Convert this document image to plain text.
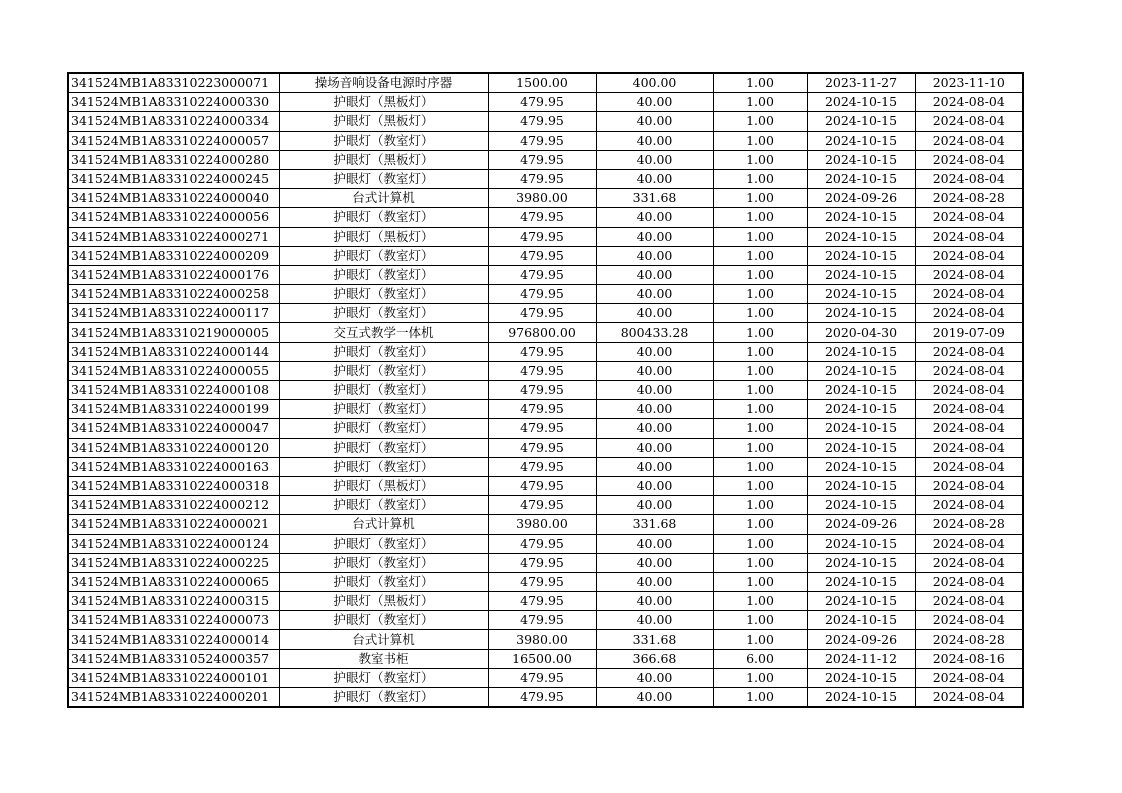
341524MB1A83310223000071	操场音响设备电源时序器	1500.00	400.00	1.00	2023-11-27	2023-11-10
341524MB1A83310224000330	护眼灯（黑板灯）	479.95	40.00	1.00	2024-10-15	2024-08-04
341524MB1A83310224000334	护眼灯（黑板灯）	479.95	40.00	1.00	2024-10-15	2024-08-04
341524MB1A83310224000057	护眼灯（教室灯）	479.95	40.00	1.00	2024-10-15	2024-08-04
341524MB1A83310224000280	护眼灯（黑板灯）	479.95	40.00	1.00	2024-10-15	2024-08-04
341524MB1A83310224000245	护眼灯（教室灯）	479.95	40.00	1.00	2024-10-15	2024-08-04
341524MB1A83310224000040	台式计算机	3980.00	331.68	1.00	2024-09-26	2024-08-28
341524MB1A83310224000056	护眼灯（教室灯）	479.95	40.00	1.00	2024-10-15	2024-08-04
341524MB1A83310224000271	护眼灯（黑板灯）	479.95	40.00	1.00	2024-10-15	2024-08-04
341524MB1A83310224000209	护眼灯（教室灯）	479.95	40.00	1.00	2024-10-15	2024-08-04
341524MB1A83310224000176	护眼灯（教室灯）	479.95	40.00	1.00	2024-10-15	2024-08-04
341524MB1A83310224000258	护眼灯（教室灯）	479.95	40.00	1.00	2024-10-15	2024-08-04
341524MB1A83310224000117	护眼灯（教室灯）	479.95	40.00	1.00	2024-10-15	2024-08-04
341524MB1A83310219000005	交互式教学一体机	976800.00	800433.28	1.00	2020-04-30	2019-07-09
341524MB1A83310224000144	护眼灯（教室灯）	479.95	40.00	1.00	2024-10-15	2024-08-04
341524MB1A83310224000055	护眼灯（教室灯）	479.95	40.00	1.00	2024-10-15	2024-08-04
341524MB1A83310224000108	护眼灯（教室灯）	479.95	40.00	1.00	2024-10-15	2024-08-04
341524MB1A83310224000199	护眼灯（教室灯）	479.95	40.00	1.00	2024-10-15	2024-08-04
341524MB1A83310224000047	护眼灯（教室灯）	479.95	40.00	1.00	2024-10-15	2024-08-04
341524MB1A83310224000120	护眼灯（教室灯）	479.95	40.00	1.00	2024-10-15	2024-08-04
341524MB1A83310224000163	护眼灯（教室灯）	479.95	40.00	1.00	2024-10-15	2024-08-04
341524MB1A83310224000318	护眼灯（黑板灯）	479.95	40.00	1.00	2024-10-15	2024-08-04
341524MB1A83310224000212	护眼灯（教室灯）	479.95	40.00	1.00	2024-10-15	2024-08-04
341524MB1A83310224000021	台式计算机	3980.00	331.68	1.00	2024-09-26	2024-08-28
341524MB1A83310224000124	护眼灯（教室灯）	479.95	40.00	1.00	2024-10-15	2024-08-04
341524MB1A83310224000225	护眼灯（教室灯）	479.95	40.00	1.00	2024-10-15	2024-08-04
341524MB1A83310224000065	护眼灯（教室灯）	479.95	40.00	1.00	2024-10-15	2024-08-04
341524MB1A83310224000315	护眼灯（黑板灯）	479.95	40.00	1.00	2024-10-15	2024-08-04
341524MB1A83310224000073	护眼灯（教室灯）	479.95	40.00	1.00	2024-10-15	2024-08-04
341524MB1A83310224000014	台式计算机	3980.00	331.68	1.00	2024-09-26	2024-08-28
341524MB1A83310524000357	教室书柜	16500.00	366.68	6.00	2024-11-12	2024-08-16
341524MB1A83310224000101	护眼灯（教室灯）	479.95	40.00	1.00	2024-10-15	2024-08-04
341524MB1A83310224000201	护眼灯（教室灯）	479.95	40.00	1.00	2024-10-15	2024-08-04
